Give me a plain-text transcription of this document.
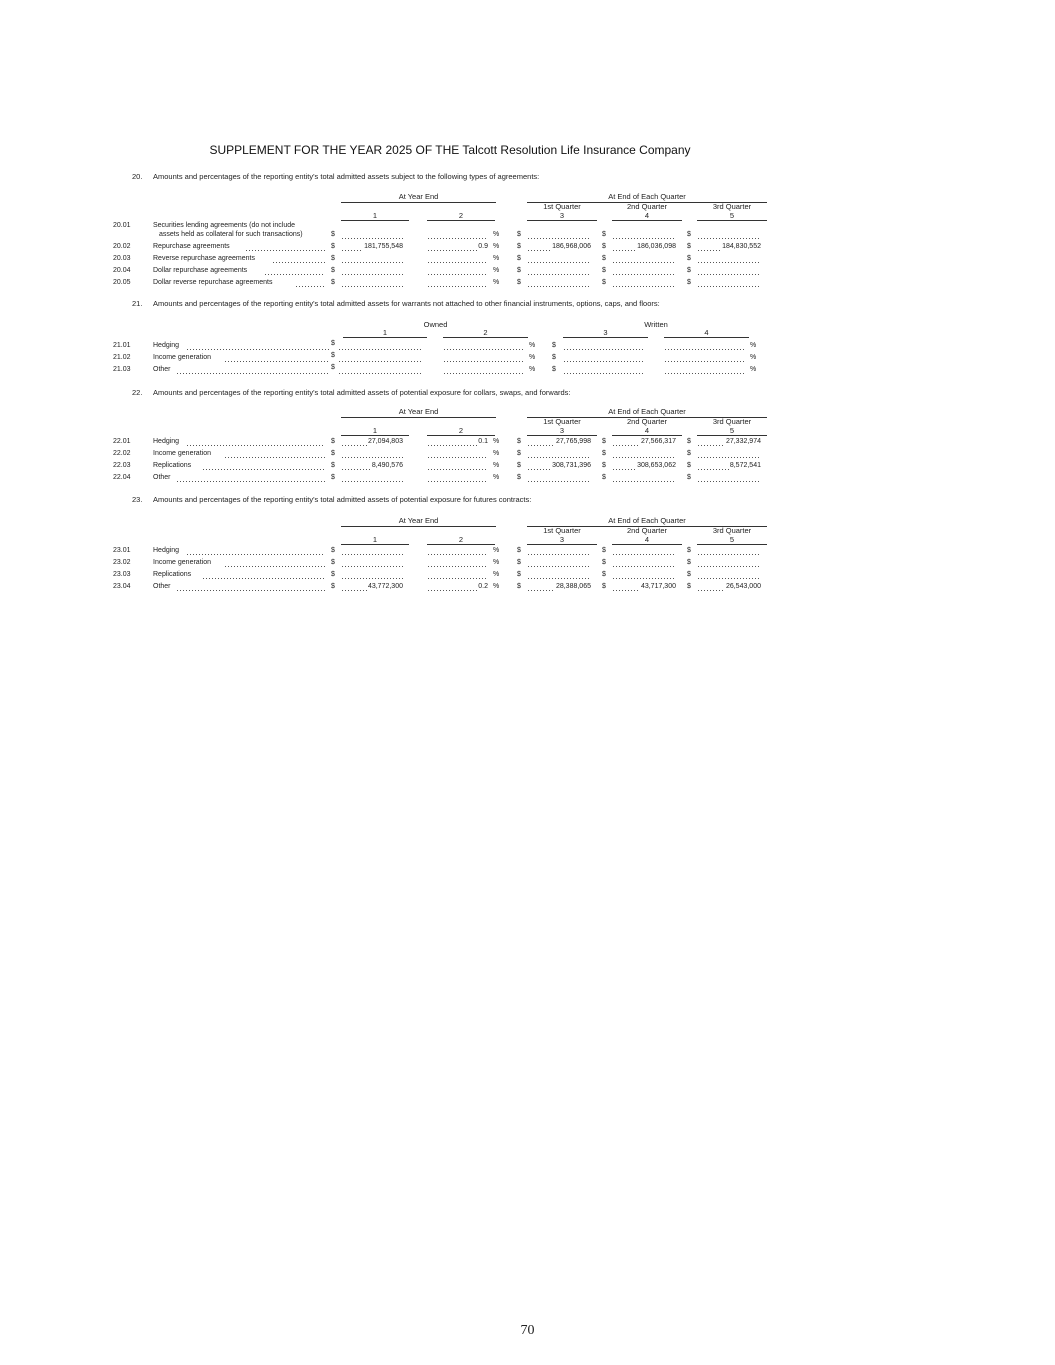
SUPPLEMENT FOR THE YEAR 2025 OF THE Talcott Resolution Life Insurance Company
20. Amounts and percentages of the reporting entity's total admitted assets subject to the following types of agreements:
At Year End	At End of Each Quarter
1st Quarter	2nd Quarter	3rd Quarter
1	2	3	4	5
20.01	Securities lending agreements (do not include
assets held as collateral for such transactions)	$	%	$	$	$
20.02	Repurchase agreements	$	181,755,548	0.9 %	$	186,968,006 $	186,036,098 $	184,830,552
20.03	Reverse repurchase agreements	$	%	$	$	$
20.04	Dollar repurchase agreements	$	%	$	$	$
20.05	Dollar reverse repurchase agreements	$	%	$	$	$
21. Amounts and percentages of the reporting entity's total admitted assets for warrants not attached to other financial instruments, options, caps, and floors:
Owned	Written
1	2	3	4
21.01	Hedging	$	% $	%
21.02	Income generation	$	% $	%
21.03	Other	$	% $	%
22. Amounts and percentages of the reporting entity's total admitted assets of potential exposure for collars, swaps, and forwards:
At Year End	At End of Each Quarter
1st Quarter	2nd Quarter	3rd Quarter
1	2	3	4	5
22.01	Hedging	$	27,094,803	0.1 %	$	27,765,998 $	27,566,317 $	27,332,974
22.02	Income generation	$	%	$	$	$
22.03	Replications	$	8,490,576	%	$	308,731,396 $	308,653,062 $	8,572,541
22.04	Other	$	%	$	$	$
23. Amounts and percentages of the reporting entity's total admitted assets of potential exposure for futures contracts:
At Year End	At End of Each Quarter
1st Quarter	2nd Quarter	3rd Quarter
1	2	3	4	5
23.01	Hedging	$	%	$	$	$
23.02	Income generation	$	%	$	$	$
23.03	Replications	$	%	$	$	$
23.04	Other	$	43,772,300	0.2 %	$	28,388,065 $	43,717,300 $	26,543,000
70
